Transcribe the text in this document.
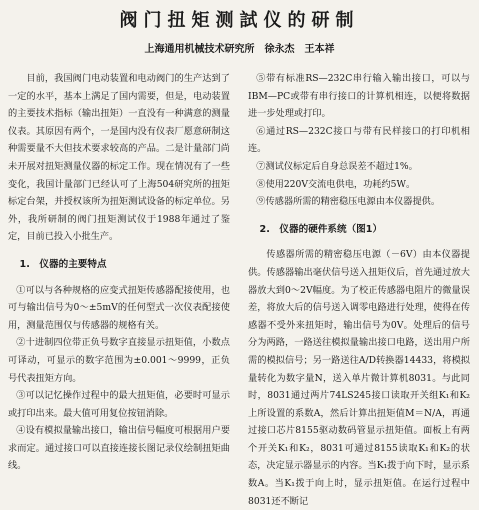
阀门扭矩测試仪的研制
上海通用机械技术研究所　徐永杰　王本祥

目前，我国阀门电动装置和电动阀门的生产达到了一定的水平，基本上满足了国内需要，但是，电动装置的主要技术指标（输出扭矩）一直没有一种满意的测量仪表。其原因有两个，一是国内没有仪表厂愿意研制这种需要量不大但技术要求较高的产品。二是计量部门尚未开展对扭矩测量仪器的标定工作。现在情况有了一些变化，我国计量部门已经认可了上海504研究所的扭矩标定台架，并授权该所为扭矩测试设备的标定单位。另外，我所研制的阀门扭矩测试仪于1988年通过了鉴定，目前已投入小批生产。

1.　仪器的主要特点

①可以与各种规格的应变式扭矩传感器配接使用，也可与输出信号为0～±5mV的任何型式一次仪表配接使用，测量范围仅与传感器的规格有关。

②十进制四位带正负号数字直接显示扭矩值，小数点可译动，可显示的数字范围为±0.001～9999，正负号代表扭矩方向。

③可以记忆操作过程中的最大扭矩值，必要时可显示或打印出来。最大值可用复位按钮消除。

④设有模拟量输出接口，输出信号幅度可根据用户要求而定。通过接口可以直接连接长图记录仪绘制扭矩曲线。

⑤带有标准RS—232C串行输入输出接口，可以与IBM—PC或带有串行接口的计算机相连，以便将数据进一步处理或打印。

⑥通过RS—232C接口与带有民样接口的打印机相连。

⑦测试仪标定后自身总误差不超过1%。

⑧使用220V交流电供电，功耗约5W。

⑨传感器所需的精密稳压电源由本仪器提供。

2.　仪器的硬件系统（图1）

传感器所需的精密稳压电源（－6V）由本仪器提供。传感器输出毫伏信号送入扭矩仪后，首先通过放大器放大到0～2V幅度。为了校正传感器电阻片的微量误差，将放大后的信号送入调零电路进行处理，使得在传感器不受外来扭矩时，输出信号为0V。处理后的信号分为两路，一路送往模拟量输出接口电路，送出用户所需的模拟信号；另一路送往A/D转换器14433，将模拟量转化为数字量N，送入单片微计算机8031。与此同时，8031通过两片74LS245接口读取开关组K₁和K₂上所设置的系数A，然后计算出扭矩值M＝N/A，再通过接口芯片8155驱动数码管显示扭矩值。面板上有两个开关K₁和K₂，8031可通过8155读取K₁和K₂的状态，决定显示器显示的内容。当K₁拨于向下时，显示系数A。当K₁拨于向上时，显示扭矩值。在运行过程中8031还不断记
